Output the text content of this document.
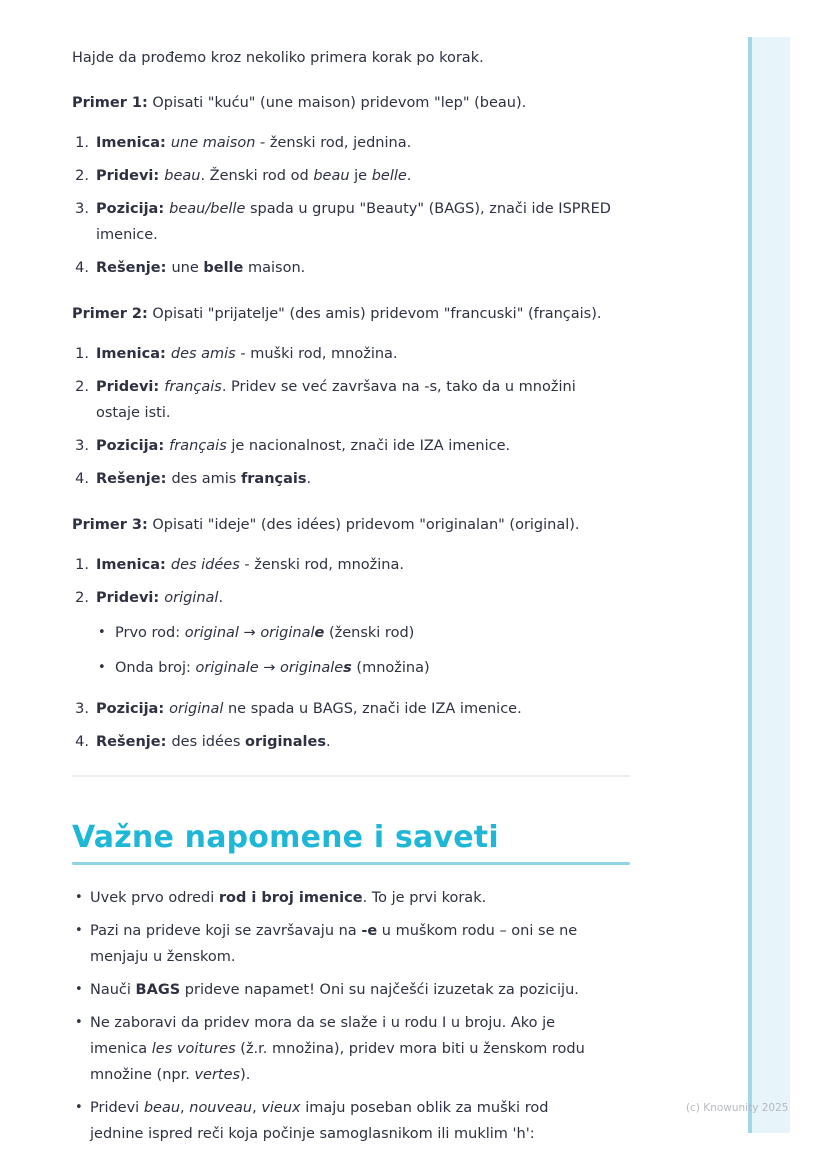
Hajde da prođemo kroz nekoliko primera korak po korak.

Primer 1: Opisati "kuću" (une maison) pridevom "lep" (beau).

1. Imenica: une maison - ženski rod, jednina.
2. Pridevi: beau. Ženski rod od beau je belle.
3. Pozicija: beau/belle spada u grupu "Beauty" (BAGS), znači ide ISPRED
imenice.
4. Rešenje: une belle maison.

Primer 2: Opisati "prijatelje" (des amis) pridevom "francuski" (français).

1. Imenica: des amis - muški rod, množina.
2. Pridevi: français. Pridev se već završava na -s, tako da u množini
ostaje isti.
3. Pozicija: français je nacionalnost, znači ide IZA imenice.
4. Rešenje: des amis français.

Primer 3: Opisati "ideje" (des idées) pridevom "originalan" (original).

1. Imenica: des idées - ženski rod, množina.
2. Pridevi: original.
• Prvo rod: original → originale (ženski rod)
• Onda broj: originale → originales (množina)
3. Pozicija: original ne spada u BAGS, znači ide IZA imenice.
4. Rešenje: des idées originales.
Važne napomene i saveti
• Uvek prvo odredi rod i broj imenice. To je prvi korak.
• Pazi na prideve koji se završavaju na -e u muškom rodu – oni se ne
menjaju u ženskom.
• Nauči BAGS prideve napamet! Oni su najčešći izuzetak za poziciju.
• Ne zaboravi da pridev mora da se slaže i u rodu I u broju. Ako je
imenica les voitures (ž.r. množina), pridev mora biti u ženskom rodu
množine (npr. vertes).
• Pridevi beau, nouveau, vieux imaju poseban oblik za muški rod
jednine ispred reči koja počinje samoglasnikom ili muklim 'h':
(c) Knowunity 2025
